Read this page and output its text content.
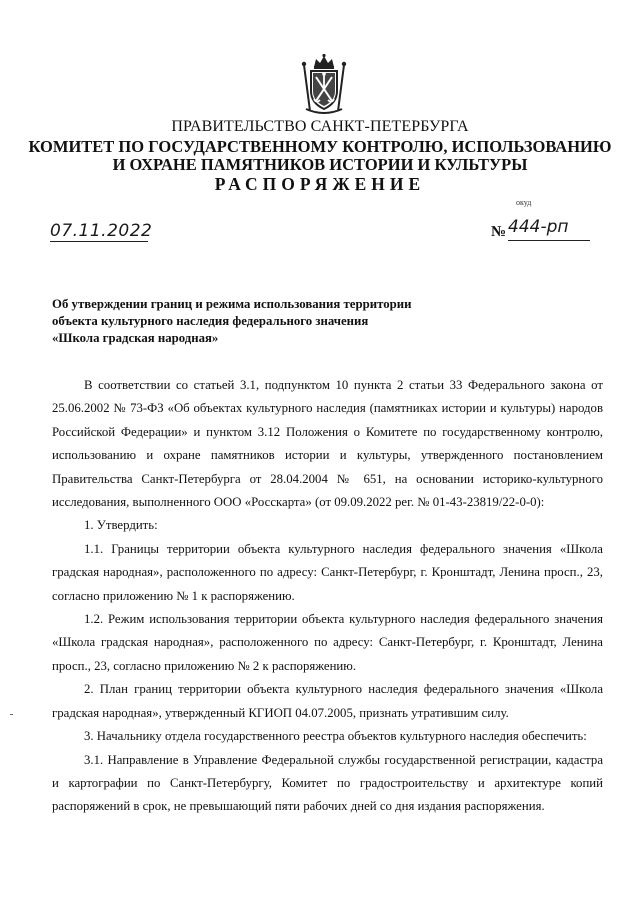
ПРАВИТЕЛЬСТВО САНКТ-ПЕТЕРБУРГА
КОМИТЕТ ПО ГОСУДАРСТВЕННОМУ КОНТРОЛЮ, ИСПОЛЬЗОВАНИЮ
И ОХРАНЕ ПАМЯТНИКОВ ИСТОРИИ И КУЛЬТУРЫ
РАСПОРЯЖЕНИЕ
окуд
07.11.2022	№ 444-рп
Об утверждении границ и режима использования территории
объекта культурного наследия федерального значения
«Школа градская народная»

В соответствии со статьей 3.1, подпунктом 10 пункта 2 статьи 33 Федерального закона от 25.06.2002 № 73-ФЗ «Об объектах культурного наследия (памятниках истории и культуры) народов Российской Федерации» и пунктом 3.12 Положения о Комитете по государственному контролю, использованию и охране памятников истории и культуры, утвержденного постановлением Правительства Санкт-Петербурга от 28.04.2004 № 651, на основании историко-культурного исследования, выполненного ООО «Росскарта» (от 09.09.2022 рег. № 01-43-23819/22-0-0):

1. Утвердить:

1.1. Границы территории объекта культурного наследия федерального значения «Школа градская народная», расположенного по адресу: Санкт-Петербург, г. Кронштадт, Ленина просп., 23, согласно приложению № 1 к распоряжению.

1.2. Режим использования территории объекта культурного наследия федерального значения «Школа градская народная», расположенного по адресу: Санкт-Петербург, г. Кронштадт, Ленина просп., 23, согласно приложению № 2 к распоряжению.

2. План границ территории объекта культурного наследия федерального значения «Школа градская народная», утвержденный КГИОП 04.07.2005, признать утратившим силу.

3. Начальнику отдела государственного реестра объектов культурного наследия обеспечить:

3.1. Направление в Управление Федеральной службы государственной регистрации, кадастра и картографии по Санкт-Петербургу, Комитет по градостроительству и архитектуре копий распоряжений в срок, не превышающий пяти рабочих дней со дня издания распоряжения.
